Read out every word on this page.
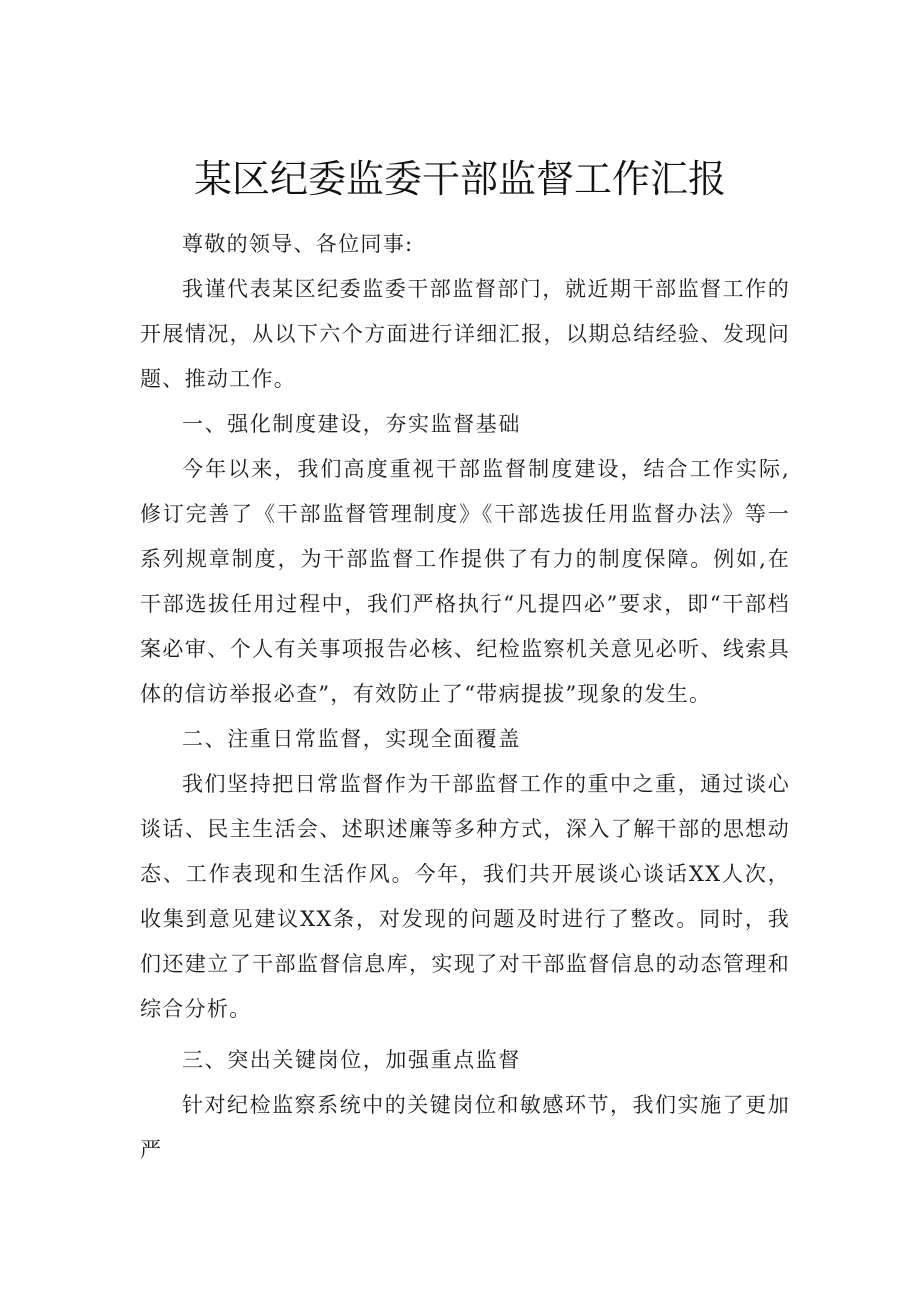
某区纪委监委干部监督工作汇报

尊敬的领导、各位同事:

我谨代表某区纪委监委干部监督部门，就近期干部监督工作的开展情况，从以下六个方面进行详细汇报，以期总结经验、发现问题、推动工作。

一、强化制度建设，夯实监督基础

今年以来，我们高度重视干部监督制度建设，结合工作实际,修订完善了《干部监督管理制度》《干部选拔任用监督办法》等一系列规章制度，为干部监督工作提供了有力的制度保障。例如,在干部选拔任用过程中，我们严格执行“凡提四必”要求，即“干部档案必审、个人有关事项报告必核、纪检监察机关意见必听、线索具体的信访举报必查”，有效防止了“带病提拔”现象的发生。

二、注重日常监督，实现全面覆盖

我们坚持把日常监督作为干部监督工作的重中之重，通过谈心谈话、民主生活会、述职述廉等多种方式，深入了解干部的思想动态、工作表现和生活作风。今年，我们共开展谈心谈话XX人次，收集到意见建议XX条，对发现的问题及时进行了整改。同时，我们还建立了干部监督信息库，实现了对干部监督信息的动态管理和综合分析。

三、突出关键岗位，加强重点监督

针对纪检监察系统中的关键岗位和敏感环节，我们实施了更加严
